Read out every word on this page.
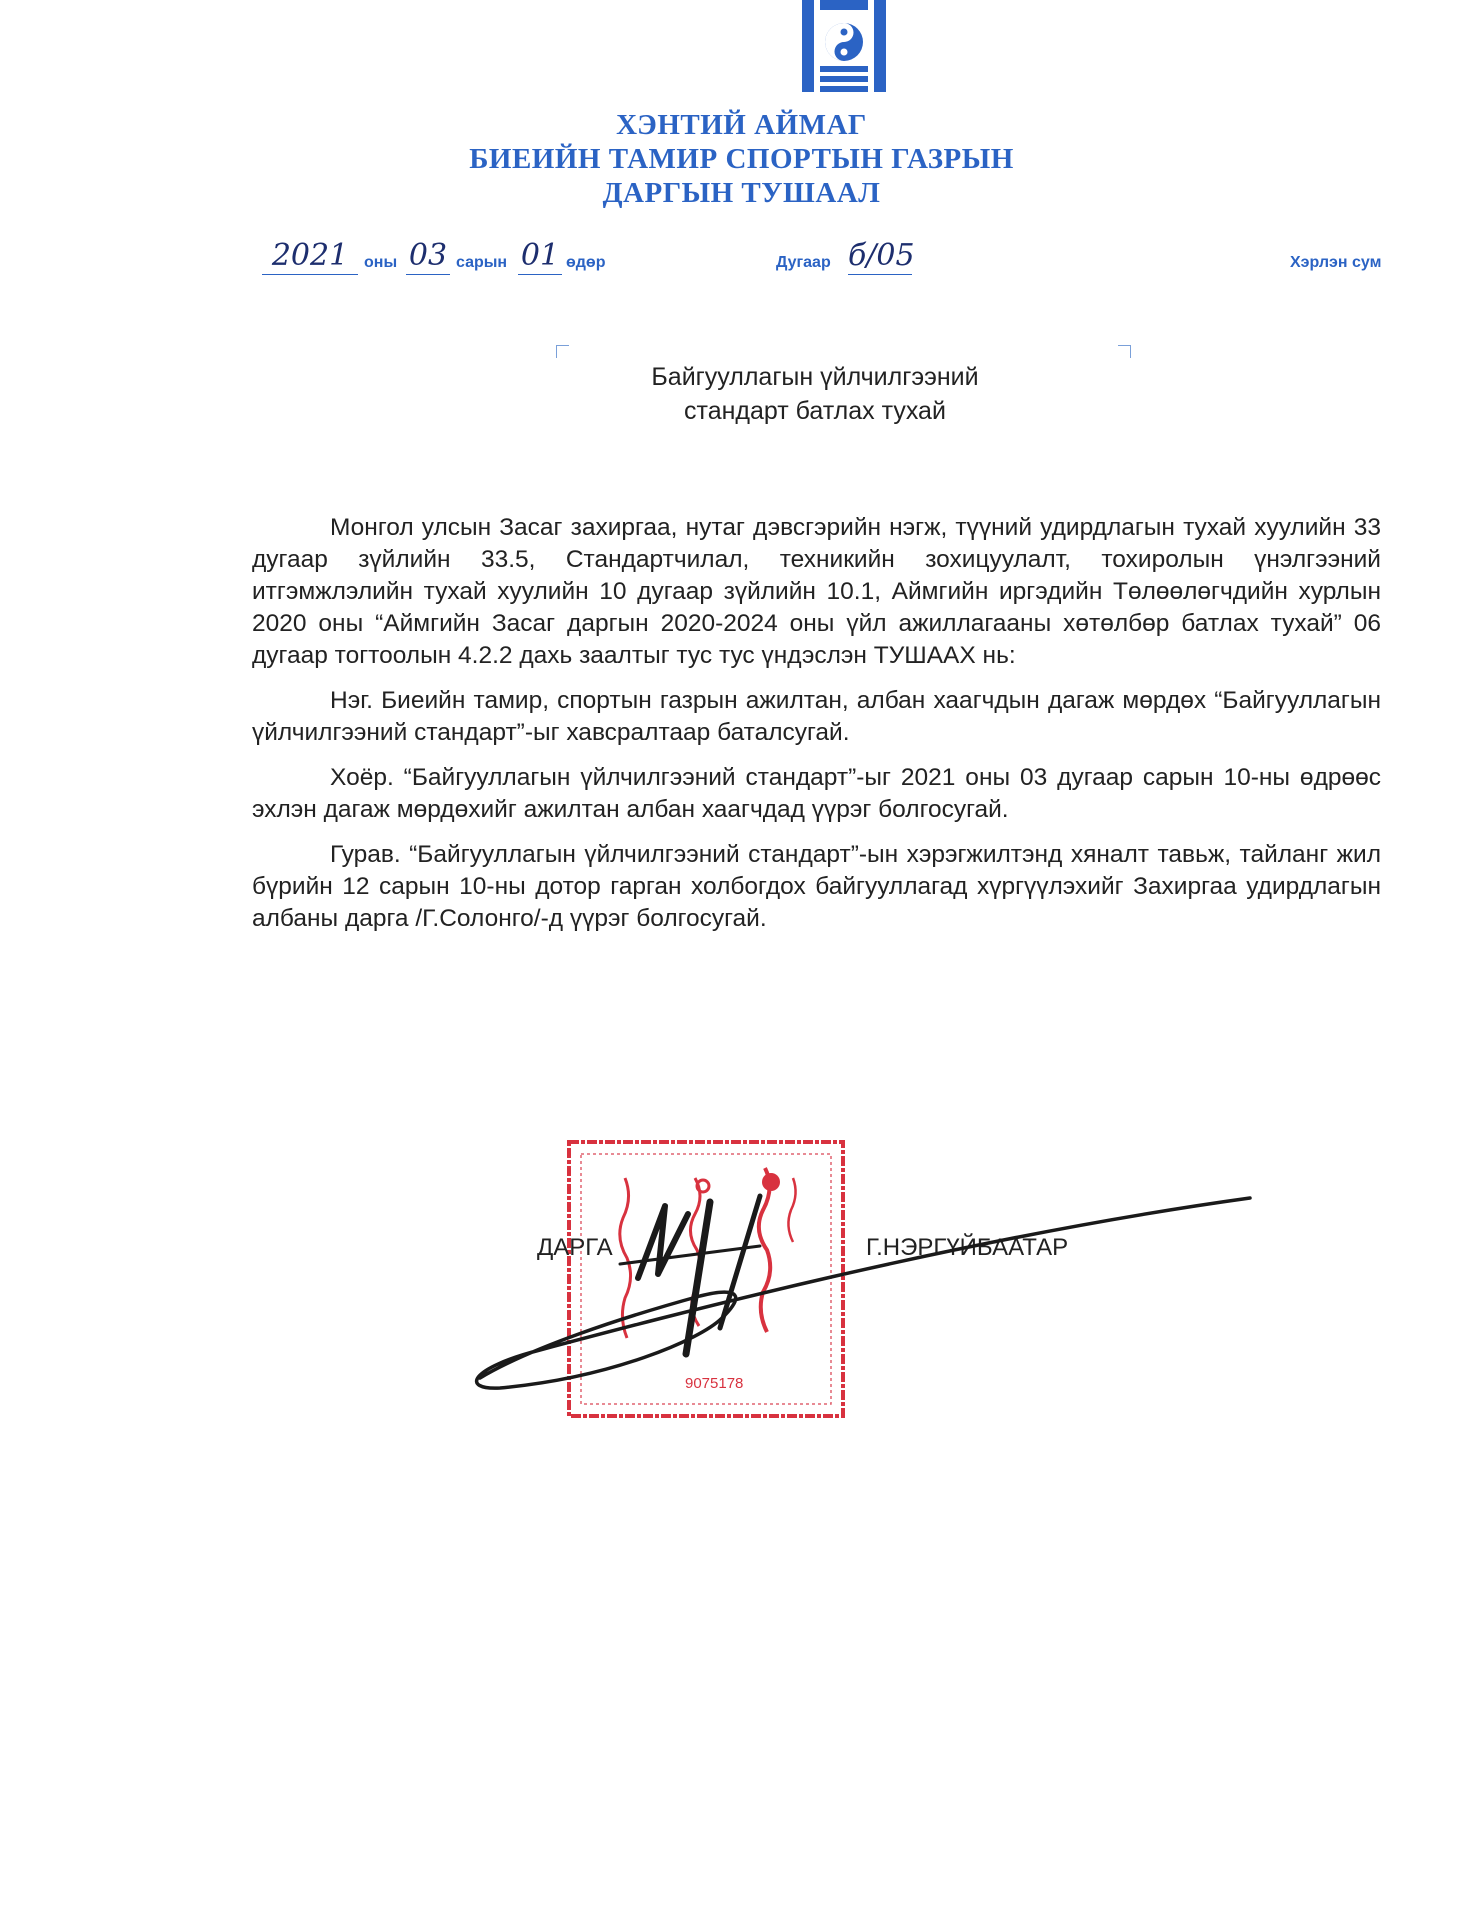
ХЭНТИЙ АЙМАГ
БИЕИЙН ТАМИР СПОРТЫН ГАЗРЫН
ДАРГЫН ТУШААЛ
2021 оны 03 сарын 01 өдөр	Дугаар б/05	Хэрлэн сум
Байгууллагын үйлчилгээний
стандарт батлах тухай

Монгол улсын Засаг захиргаа, нутаг дэвсгэрийн нэгж, түүний удирдлагын тухай хуулийн 33 дугаар зүйлийн 33.5, Стандартчилал, техникийн зохицуулалт, тохиролын үнэлгээний итгэмжлэлийн тухай хуулийн 10 дугаар зүйлийн 10.1, Аймгийн иргэдийн Төлөөлөгчдийн хурлын 2020 оны “Аймгийн Засаг даргын 2020-2024 оны үйл ажиллагааны хөтөлбөр батлах тухай” 06 дугаар тогтоолын 4.2.2 дахь заалтыг тус тус үндэслэн ТУШААХ нь:

Нэг. Биеийн тамир, спортын газрын ажилтан, албан хаагчдын дагаж мөрдөх “Байгууллагын үйлчилгээний стандарт”-ыг хавсралтаар баталсугай.

Хоёр. “Байгууллагын үйлчилгээний стандарт”-ыг 2021 оны 03 дугаар сарын 10-ны өдрөөс эхлэн дагаж мөрдөхийг ажилтан албан хаагчдад үүрэг болгосугай.

Гурав. “Байгууллагын үйлчилгээний стандарт”-ын хэрэгжилтэнд хяналт тавьж, тайланг жил бүрийн 12 сарын 10-ны дотор гарган холбогдох байгууллагад хүргүүлэхийг Захиргаа удирдлагын албаны дарга /Г.Солонго/-д үүрэг болгосугай.

9075178
ДАРГА	Г.НЭРГҮЙБААТАР
